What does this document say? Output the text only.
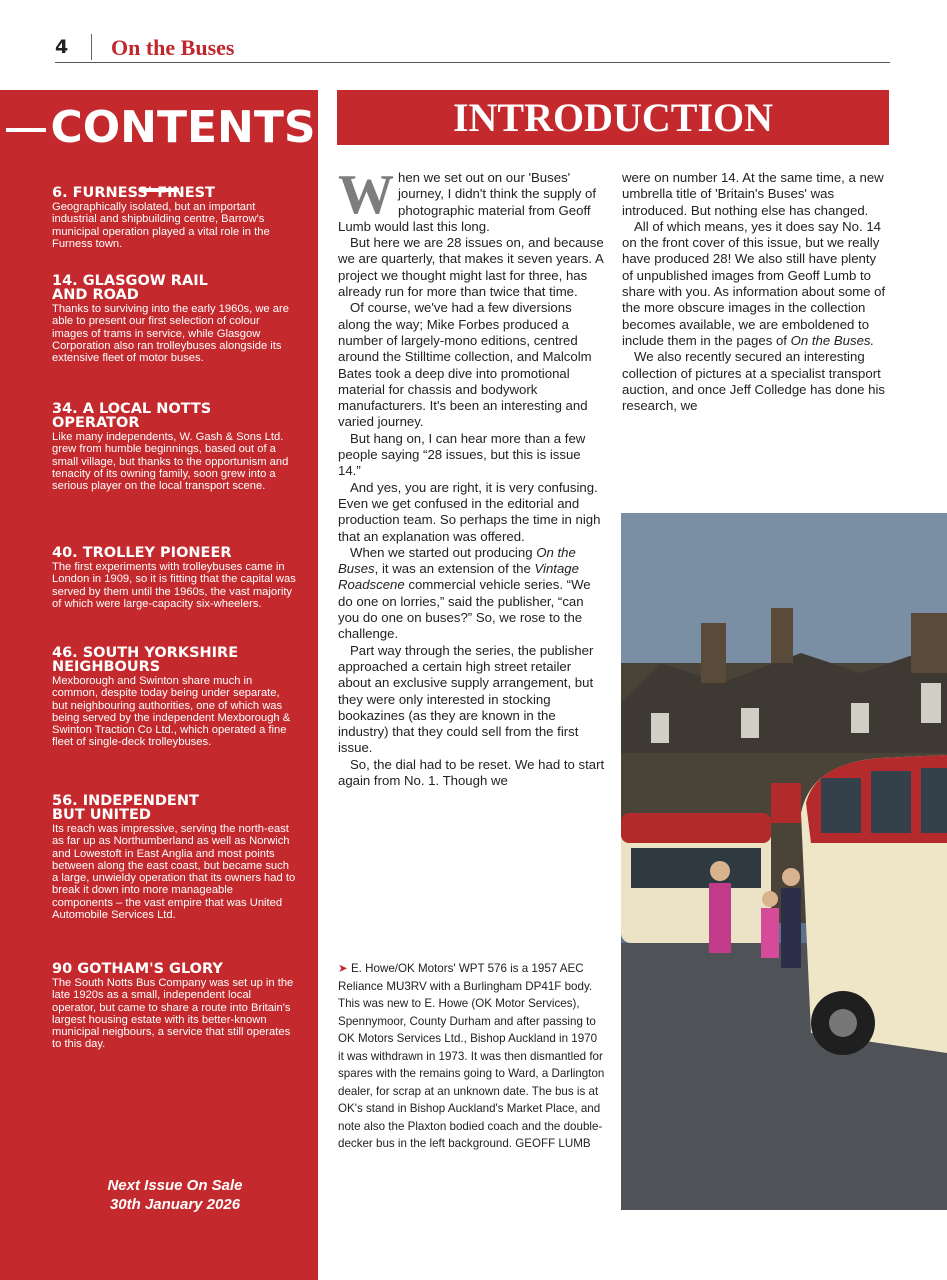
4 On the Buses
CONTENTS
6. FURNESS' FINEST
Geographically isolated, but an important industrial and shipbuilding centre, Barrow's municipal operation played a vital role in the Furness town.
14. GLASGOW RAIL AND ROAD
Thanks to surviving into the early 1960s, we are able to present our first selection of colour images of trams in service, while Glasgow Corporation also ran trolleybuses alongside its extensive fleet of motor buses.
34. A LOCAL NOTTS OPERATOR
Like many independents, W. Gash & Sons Ltd. grew from humble beginnings, based out of a small village, but thanks to the opportunism and tenacity of its owning family, soon grew into a serious player on the local transport scene.
40. TROLLEY PIONEER
The first experiments with trolleybuses came in London in 1909, so it is fitting that the capital was served by them until the 1960s, the vast majority of which were large-capacity six-wheelers.
46. SOUTH YORKSHIRE NEIGHBOURS
Mexborough and Swinton share much in common, despite today being under separate, but neighbouring authorities, one of which was being served by the independent Mexborough & Swinton Traction Co Ltd., which operated a fine fleet of single-deck trolleybuses.
56. INDEPENDENT BUT UNITED
Its reach was impressive, serving the north-east as far up as Northumberland as well as Norwich and Lowestoft in East Anglia and most points between along the east coast, but became such a large, unwieldy operation that its owners had to break it down into more manageable components – the vast empire that was United Automobile Services Ltd.
90 GOTHAM'S GLORY
The South Notts Bus Company was set up in the late 1920s as a small, independent local operator, but came to share a route into Britain's largest housing estate with its better-known municipal neigbours, a service that still operates to this day.
Next Issue On Sale
30th January 2026
INTRODUCTION

When we set out on our 'Buses' journey, I didn't think the supply of photographic material from Geoff Lumb would last this long.

But here we are 28 issues on, and because we are quarterly, that makes it seven years. A project we thought might last for three, has already run for more than twice that time.

Of course, we've had a few diversions along the way; Mike Forbes produced a number of largely-mono editions, centred around the Stilltime collection, and Malcolm Bates took a deep dive into promotional material for chassis and bodywork manufacturers. It's been an interesting and varied journey.

But hang on, I can hear more than a few people saying “28 issues, but this is issue 14.”

And yes, you are right, it is very confusing. Even we get confused in the editorial and production team. So perhaps the time in nigh that an explanation was offered.

When we started out producing On the Buses, it was an extension of the Vintage Roadscene commercial vehicle series. “We do one on lorries,” said the publisher, “can you do one on buses?” So, we rose to the challenge.

Part way through the series, the publisher approached a certain high street retailer about an exclusive supply arrangement, but they were only interested in stocking bookazines (as they are known in the industry) that they could sell from the first issue.

So, the dial had to be reset. We had to start again from No. 1. Though we

were on number 14. At the same time, a new umbrella title of 'Britain's Buses' was introduced. But nothing else has changed.

All of which means, yes it does say No. 14 on the front cover of this issue, but we really have produced 28! We also still have plenty of unpublished images from Geoff Lumb to share with you. As information about some of the more obscure images in the collection becomes available, we are emboldened to include them in the pages of On the Buses.

We also recently secured an interesting collection of pictures at a specialist transport auction, and once Jeff Colledge has done his research, we

➤ E. Howe/OK Motors' WPT 576 is a 1957 AEC Reliance MU3RV with a Burlingham DP41F body. This was new to E. Howe (OK Motor Services), Spennymoor, County Durham and after passing to OK Motors Services Ltd., Bishop Auckland in 1970 it was withdrawn in 1973. It was then dismantled for spares with the remains going to Ward, a Darlington dealer, for scrap at an unknown date. The bus is at OK's stand in Bishop Auckland's Market Place, and note also the Plaxton bodied coach and the double-decker bus in the left background. GEOFF LUMB
